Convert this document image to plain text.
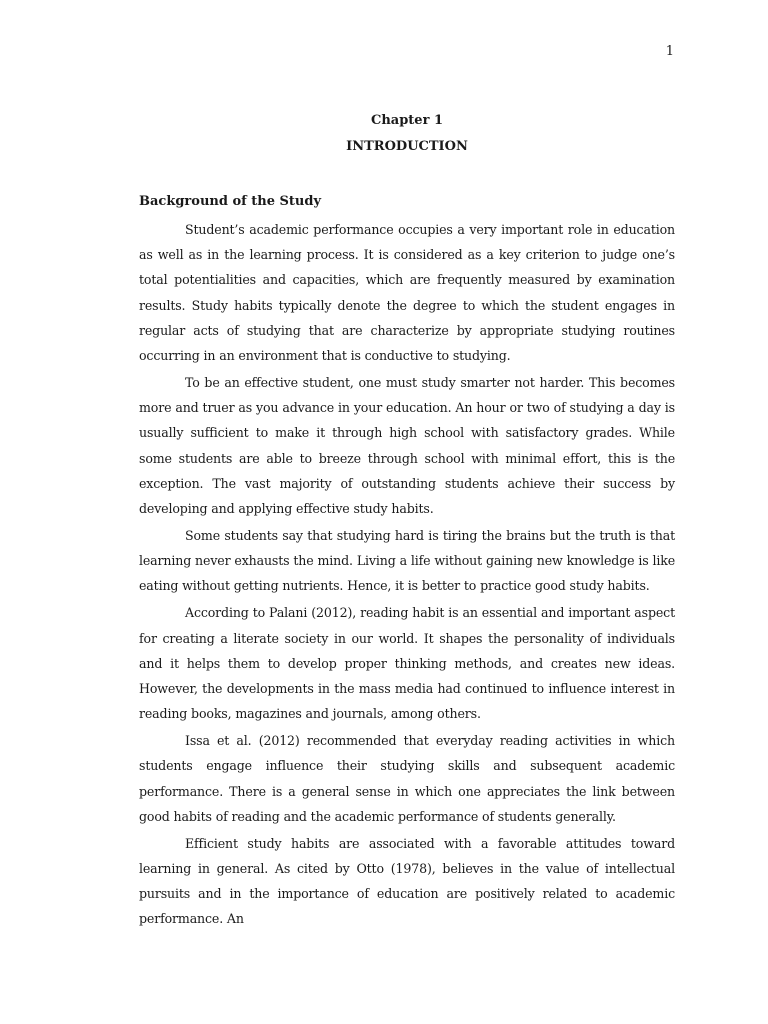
1
Chapter 1
INTRODUCTION
Background of the Study

Student’s academic performance occupies a very important role in education as well as in the learning process. It is considered as a key criterion to judge one’s total potentialities and capacities, which are frequently measured by examination results. Study habits typically denote the degree to which the student engages in regular acts of studying that are characterize by appropriate studying routines occurring in an environment that is conductive to studying.

To be an effective student, one must study smarter not harder. This becomes more and truer as you advance in your education. An hour or two of studying a day is usually sufficient to make it through high school with satisfactory grades. While some students are able to breeze through school with minimal effort, this is the exception. The vast majority of outstanding students achieve their success by developing and applying effective study habits.

Some students say that studying hard is tiring the brains but the truth is that learning never exhausts the mind. Living a life without gaining new knowledge is like eating without getting nutrients. Hence, it is better to practice good study habits.

According to Palani (2012), reading habit is an essential and important aspect for creating a literate society in our world. It shapes the personality of individuals and it helps them to develop proper thinking methods, and creates new ideas. However, the developments in the mass media had continued to influence interest in reading books, magazines and journals, among others.

Issa et al. (2012) recommended that everyday reading activities in which students engage influence their studying skills and subsequent academic performance. There is a general sense in which one appreciates the link between good habits of reading and the academic performance of students generally.

Efficient study habits are associated with a favorable attitudes toward learning in general. As cited by Otto (1978), believes in the value of intellectual pursuits and in the importance of education are positively related to academic performance. An
